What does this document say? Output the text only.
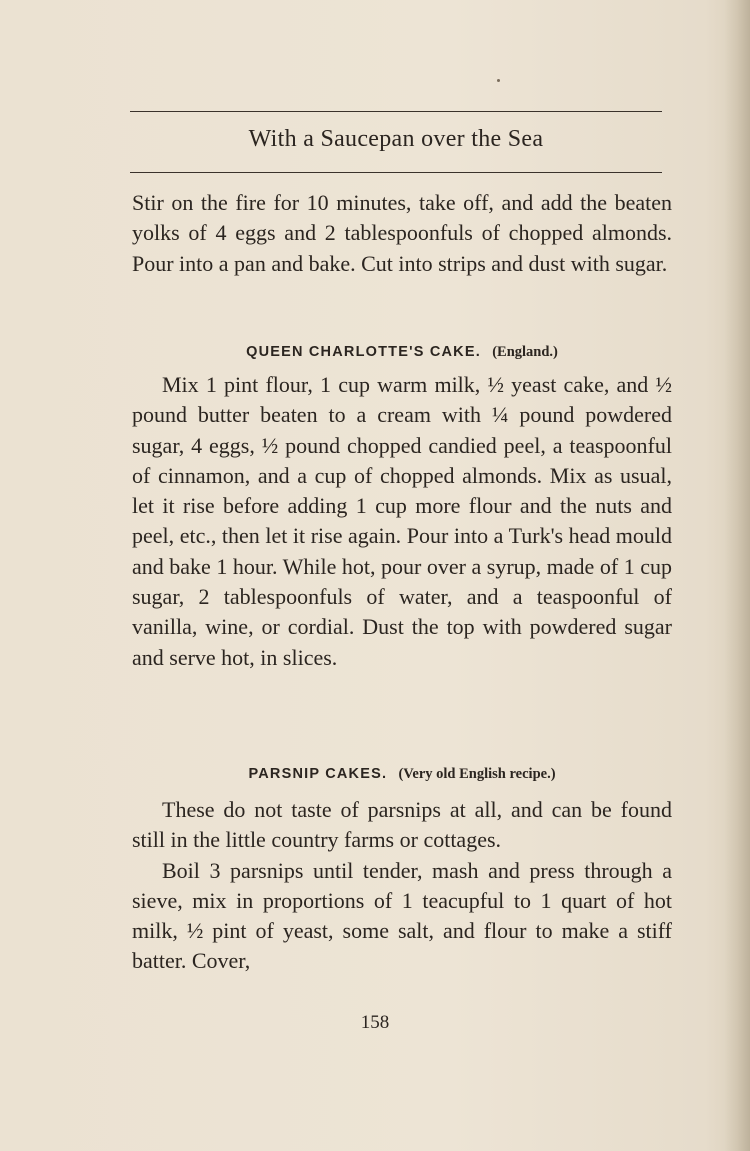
With a Saucepan over the Sea

Stir on the fire for 10 minutes, take off, and add the beaten yolks of 4 eggs and 2 tablespoonfuls of chopped almonds. Pour into a pan and bake. Cut into strips and dust with sugar.

QUEEN CHARLOTTE'S CAKE. (England.)

Mix 1 pint flour, 1 cup warm milk, ½ yeast cake, and ½ pound butter beaten to a cream with ¼ pound powdered sugar, 4 eggs, ½ pound chopped candied peel, a teaspoonful of cinnamon, and a cup of chopped almonds. Mix as usual, let it rise before adding 1 cup more flour and the nuts and peel, etc., then let it rise again. Pour into a Turk's head mould and bake 1 hour. While hot, pour over a syrup, made of 1 cup sugar, 2 tablespoonfuls of water, and a teaspoonful of vanilla, wine, or cordial. Dust the top with powdered sugar and serve hot, in slices.

PARSNIP CAKES. (Very old English recipe.)

These do not taste of parsnips at all, and can be found still in the little country farms or cottages.

Boil 3 parsnips until tender, mash and press through a sieve, mix in proportions of 1 teacupful to 1 quart of hot milk, ½ pint of yeast, some salt, and flour to make a stiff batter. Cover,

158
